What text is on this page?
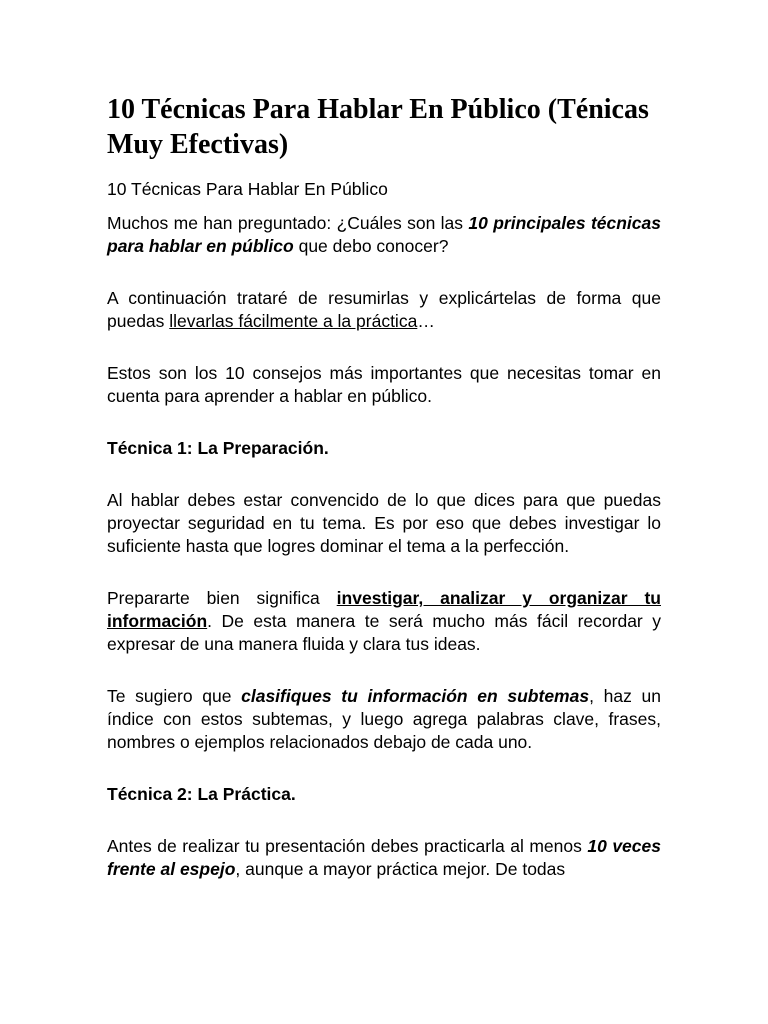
10 Técnicas Para Hablar En Público (Ténicas Muy Efectivas)
10 Técnicas Para Hablar En Público

Muchos me han preguntado: ¿Cuáles son las 10 principales técnicas para hablar en público que debo conocer?

A continuación trataré de resumirlas y explicártelas de forma que puedas llevarlas fácilmente a la práctica…

Estos son los 10 consejos más importantes que necesitas tomar en cuenta para aprender a hablar en público.

Técnica 1: La Preparación.

Al hablar debes estar convencido de lo que dices para que puedas proyectar seguridad en tu tema. Es por eso que debes investigar lo suficiente hasta que logres dominar el tema a la perfección.

Prepararte bien significa investigar, analizar y organizar tu información. De esta manera te será mucho más fácil recordar y expresar de una manera fluida y clara tus ideas.

Te sugiero que clasifiques tu información en subtemas, haz un índice con estos subtemas, y luego agrega palabras clave, frases, nombres o ejemplos relacionados debajo de cada uno.

Técnica 2: La Práctica.

Antes de realizar tu presentación debes practicarla al menos 10 veces frente al espejo, aunque a mayor práctica mejor. De todas
